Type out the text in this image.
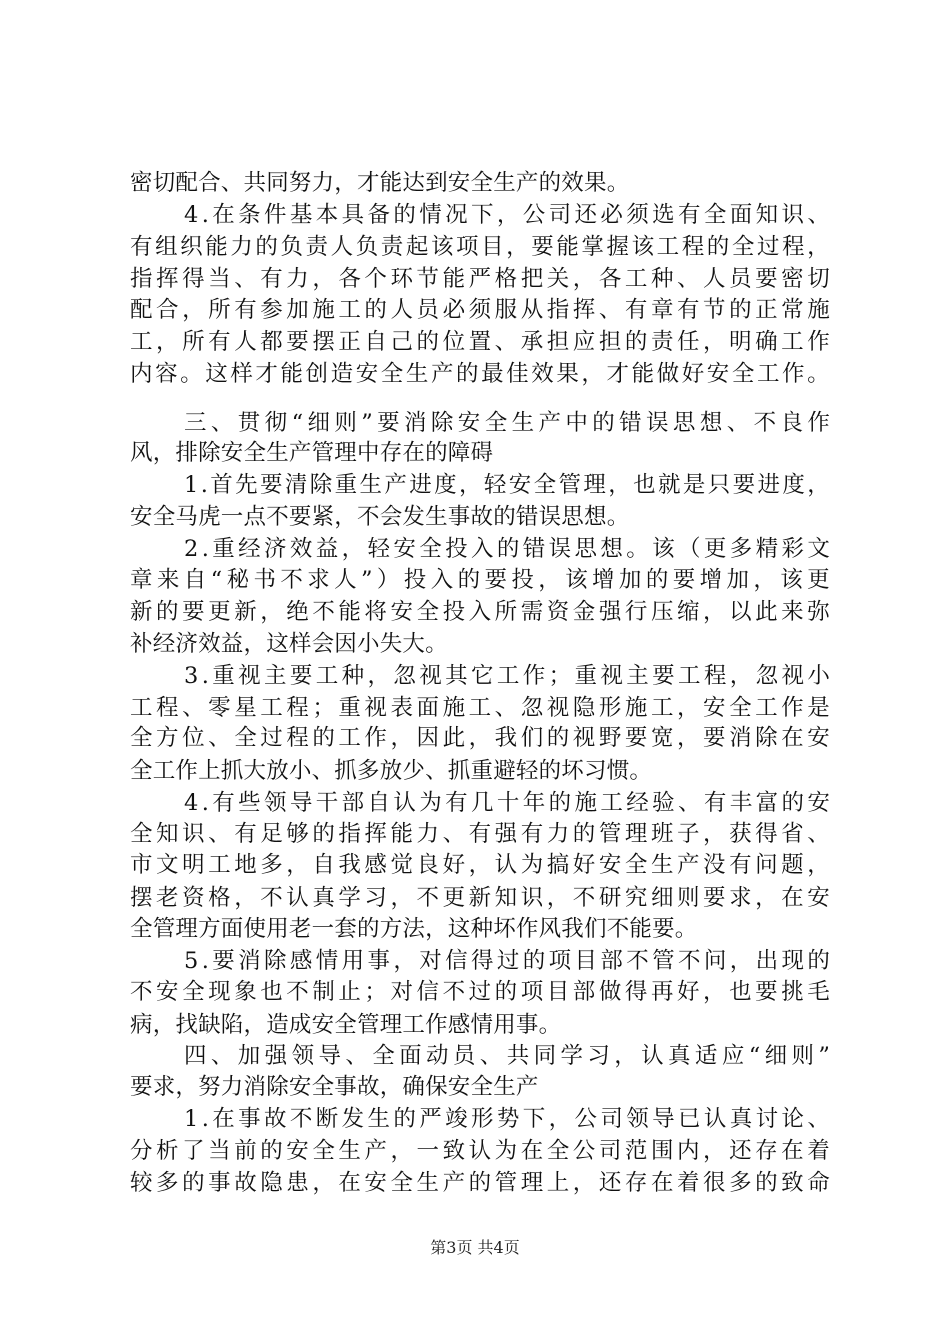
密切配合、共同努力，才能达到安全生产的效果。
4 . 在 条 件 基 本 具 备 的 情 况 下 ， 公 司 还 必 须 选 有 全 面 知 识 、
有 组 织 能 力 的 负 责 人 负 责 起 该 项 目 ， 要 能 掌 握 该 工 程 的 全 过 程 ，
指 挥 得 当 、 有 力 ， 各 个 环 节 能 严 格 把 关 ， 各 工 种 、 人 员 要 密 切
配 合 ， 所 有 参 加 施 工 的 人 员 必 须 服 从 指 挥 、 有 章 有 节 的 正 常 施
工 ， 所 有 人 都 要 摆 正 自 己 的 位 置 、 承 担 应 担 的 责 任 ， 明 确 工 作
内 容 。 这 样 才 能 创 造 安 全 生 产 的 最 佳 效 果 ， 才 能 做 好 安 全 工 作 。
三 、 贯 彻 “ 细 则 ” 要 消 除 安 全 生 产 中 的 错 误 思 想 、 不 良 作
风，排除安全生产管理中存在的障碍
1 . 首 先 要 清 除 重 生 产 进 度 ， 轻 安 全 管 理 ， 也 就 是 只 要 进 度 ，
安全马虎一点不要紧，不会发生事故的错误思想。
2 . 重 经 济 效 益 ， 轻 安 全 投 入 的 错 误 思 想 。 该 （ 更 多 精 彩 文
章 来 自 “ 秘 书 不 求 人 ” ） 投 入 的 要 投 ， 该 增 加 的 要 增 加 ， 该 更
新 的 要 更 新 ， 绝 不 能 将 安 全 投 入 所 需 资 金 强 行 压 缩 ， 以 此 来 弥
补经济效益，这样会因小失大。
3 . 重 视 主 要 工 种 ， 忽 视 其 它 工 作 ； 重 视 主 要 工 程 ， 忽 视 小
工 程 、 零 星 工 程 ； 重 视 表 面 施 工 、 忽 视 隐 形 施 工 ， 安 全 工 作 是
全 方 位 、 全 过 程 的 工 作 ， 因 此 ， 我 们 的 视 野 要 宽 ， 要 消 除 在 安
全工作上抓大放小、抓多放少、抓重避轻的坏习惯。
4 . 有 些 领 导 干 部 自 认 为 有 几 十 年 的 施 工 经 验 、 有 丰 富 的 安
全 知 识 、 有 足 够 的 指 挥 能 力 、 有 强 有 力 的 管 理 班 子 ， 获 得 省 、
市 文 明 工 地 多 ， 自 我 感 觉 良 好 ， 认 为 搞 好 安 全 生 产 没 有 问 题 ，
摆 老 资 格 ， 不 认 真 学 习 ， 不 更 新 知 识 ， 不 研 究 细 则 要 求 ， 在 安
全管理方面使用老一套的方法，这种坏作风我们不能要。
5 . 要 消 除 感 情 用 事 ， 对 信 得 过 的 项 目 部 不 管 不 问 ， 出 现 的
不 安 全 现 象 也 不 制 止 ； 对 信 不 过 的 项 目 部 做 得 再 好 ， 也 要 挑 毛
病，找缺陷，造成安全管理工作感情用事。
四 、 加 强 领 导 、 全 面 动 员 、 共 同 学 习 ， 认 真 适 应 “ 细 则 ”
要求，努力消除安全事故，确保安全生产
1 . 在 事 故 不 断 发 生 的 严 竣 形 势 下 ， 公 司 领 导 已 认 真 讨 论 、
分 析 了 当 前 的 安 全 生 产 ， 一 致 认 为 在 全 公 司 范 围 内 ， 还 存 在 着
较 多 的 事 故 隐 患 ， 在 安 全 生 产 的 管 理 上 ， 还 存 在 着 很 多 的 致 命
第3页 共4页
